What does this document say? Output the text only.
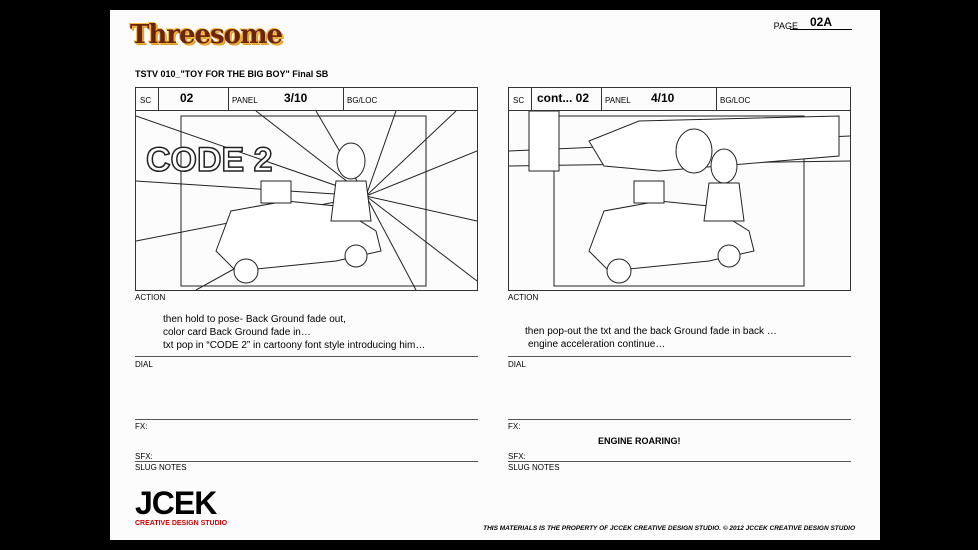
Threesome	PAGE 02A
TSTV 010_"TOY FOR THE BIG BOY" Final SB
SC 02	PANEL 3/10	BG/LOC
CODE 2
SC cont... 02 PANEL 4/10	BG/LOC
ACTION
then hold to pose- Back Ground fade out,
color card Back Ground fade in…
txt pop in “CODE 2” in cartoony font style introducing him…
DIAL
FX:
SFX:
SLUG NOTES
ACTION
then pop-out the txt and the back Ground fade in back …
engine acceleration continue…
DIAL
FX:
ENGINE ROARING!
SFX:
SLUG NOTES
JCEK
CREATIVE DESIGN STUDIO
THIS MATERIALS IS THE PROPERTY OF JCCEK CREATIVE DESIGN STUDIO. © 2012 JCCEK CREATIVE DESIGN STUDIO
